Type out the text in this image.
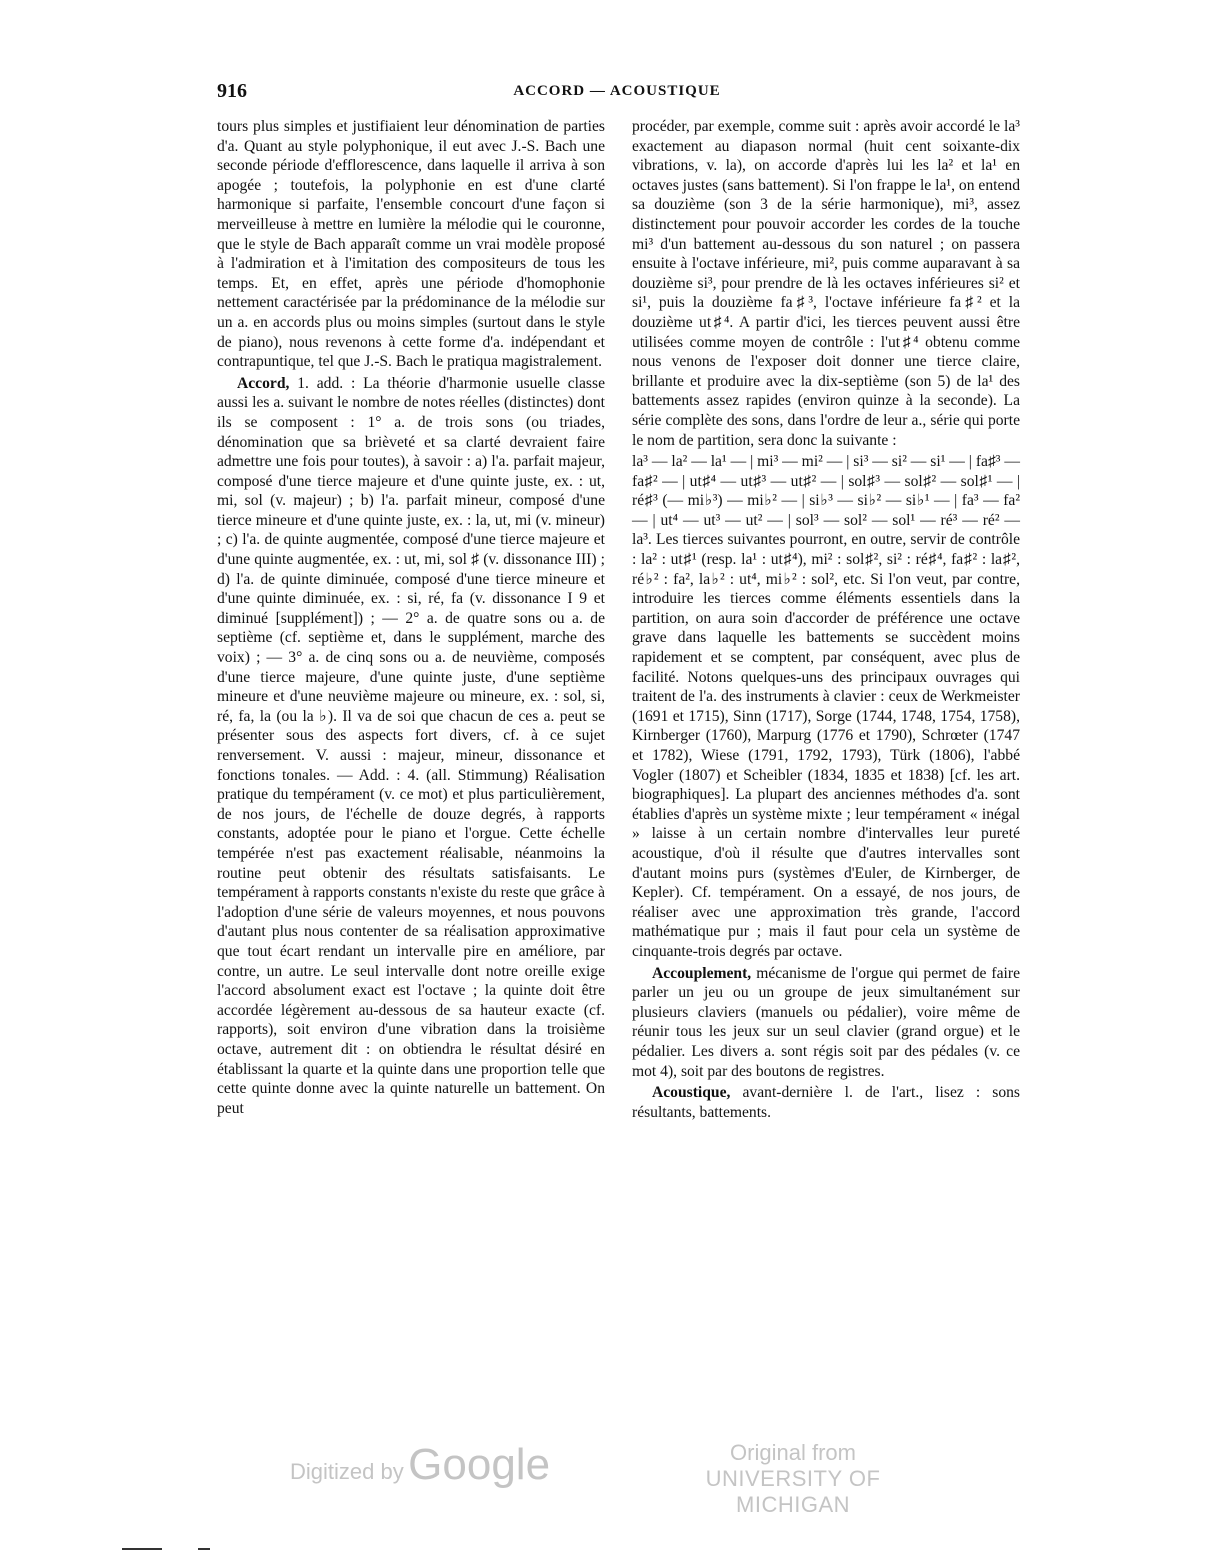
916	ACCORD — ACOUSTIQUE

tours plus simples et justifiaient leur dénomination de parties d'a. Quant au style polyphonique, il eut avec J.-S. Bach une seconde période d'efflorescence, dans laquelle il arriva à son apogée ; toutefois, la polyphonie en est d'une clarté harmonique si parfaite, l'ensemble concourt d'une façon si merveilleuse à mettre en lumière la mélodie qui le couronne, que le style de Bach apparaît comme un vrai modèle proposé à l'admiration et à l'imitation des compositeurs de tous les temps. Et, en effet, après une période d'homophonie nettement caractérisée par la prédominance de la mélodie sur un a. en accords plus ou moins simples (surtout dans le style de piano), nous revenons à cette forme d'a. indépendant et contrapuntique, tel que J.-S. Bach le pratiqua magistralement.

Accord, 1. add. : La théorie d'harmonie usuelle classe aussi les a. suivant le nombre de notes réelles (distinctes) dont ils se composent : 1° a. de trois sons (ou triades, dénomination que sa brièveté et sa clarté devraient faire admettre une fois pour toutes), à savoir : a) l'a. parfait majeur, composé d'une tierce majeure et d'une quinte juste, ex. : ut, mi, sol (v. majeur) ; b) l'a. parfait mineur, composé d'une tierce mineure et d'une quinte juste, ex. : la, ut, mi (v. mineur) ; c) l'a. de quinte augmentée, composé d'une tierce majeure et d'une quinte augmentée, ex. : ut, mi, sol ♯ (v. dissonance III) ; d) l'a. de quinte diminuée, composé d'une tierce mineure et d'une quinte diminuée, ex. : si, ré, fa (v. dissonance I 9 et diminué [supplément]) ; — 2° a. de quatre sons ou a. de septième (cf. septième et, dans le supplément, marche des voix) ; — 3° a. de cinq sons ou a. de neuvième, composés d'une tierce majeure, d'une quinte juste, d'une septième mineure et d'une neuvième majeure ou mineure, ex. : sol, si, ré, fa, la (ou la ♭). Il va de soi que chacun de ces a. peut se présenter sous des aspects fort divers, cf. à ce sujet renversement. V. aussi : majeur, mineur, dissonance et fonctions tonales. — Add. : 4. (all. Stimmung) Réalisation pratique du tempérament (v. ce mot) et plus particulièrement, de nos jours, de l'échelle de douze degrés, à rapports constants, adoptée pour le piano et l'orgue. Cette échelle tempérée n'est pas exactement réalisable, néanmoins la routine peut obtenir des résultats satisfaisants. Le tempérament à rapports constants n'existe du reste que grâce à l'adoption d'une série de valeurs moyennes, et nous pouvons d'autant plus nous contenter de sa réalisation approximative que tout écart rendant un intervalle pire en améliore, par contre, un autre. Le seul intervalle dont notre oreille exige l'accord absolument exact est l'octave ; la quinte doit être accordée légèrement au-dessous de sa hauteur exacte (cf. rapports), soit environ d'une vibration dans la troisième octave, autrement dit : on obtiendra le résultat désiré en établissant la quarte et la quinte dans une proportion telle que cette quinte donne avec la quinte naturelle un battement. On peut

procéder, par exemple, comme suit : après avoir accordé le la³ exactement au diapason normal (huit cent soixante-dix vibrations, v. la), on accorde d'après lui les la² et la¹ en octaves justes (sans battement). Si l'on frappe le la¹, on entend sa douzième (son 3 de la série harmonique), mi³, assez distinctement pour pouvoir accorder les cordes de la touche mi³ d'un battement au-dessous du son naturel ; on passera ensuite à l'octave inférieure, mi², puis comme auparavant à sa douzième si³, pour prendre de là les octaves inférieures si² et si¹, puis la douzième fa♯³, l'octave inférieure fa♯² et la douzième ut♯⁴. A partir d'ici, les tierces peuvent aussi être utilisées comme moyen de contrôle : l'ut♯⁴ obtenu comme nous venons de l'exposer doit donner une tierce claire, brillante et produire avec la dix-septième (son 5) de la¹ des battements assez rapides (environ quinze à la seconde). La série complète des sons, dans l'ordre de leur a., série qui porte le nom de partition, sera donc la suivante :

la³ — la² — la¹ — | mi³ — mi² — | si³ — si² — si¹ — | fa♯³ — fa♯² — | ut♯⁴ — ut♯³ — ut♯² — | sol♯³ — sol♯² — sol♯¹ — | ré♯³ (— mi♭³) — mi♭² — | si♭³ — si♭² — si♭¹ — | fa³ — fa² — | ut⁴ — ut³ — ut² — | sol³ — sol² — sol¹ — ré³ — ré² — la³. Les tierces suivantes pourront, en outre, servir de contrôle : la² : ut♯¹ (resp. la¹ : ut♯⁴), mi² : sol♯², si² : ré♯⁴, fa♯² : la♯², ré♭² : fa², la♭² : ut⁴, mi♭² : sol², etc. Si l'on veut, par contre, introduire les tierces comme éléments essentiels dans la partition, on aura soin d'accorder de préférence une octave grave dans laquelle les battements se succèdent moins rapidement et se comptent, par conséquent, avec plus de facilité. Notons quelques-uns des principaux ouvrages qui traitent de l'a. des instruments à clavier : ceux de Werkmeister (1691 et 1715), Sinn (1717), Sorge (1744, 1748, 1754, 1758), Kirnberger (1760), Marpurg (1776 et 1790), Schrœter (1747 et 1782), Wiese (1791, 1792, 1793), Türk (1806), l'abbé Vogler (1807) et Scheibler (1834, 1835 et 1838) [cf. les art. biographiques]. La plupart des anciennes méthodes d'a. sont établies d'après un système mixte ; leur tempérament « inégal » laisse à un certain nombre d'intervalles leur pureté acoustique, d'où il résulte que d'autres intervalles sont d'autant moins purs (systèmes d'Euler, de Kirnberger, de Kepler). Cf. tempérament. On a essayé, de nos jours, de réaliser avec une approximation très grande, l'accord mathématique pur ; mais il faut pour cela un système de cinquante-trois degrés par octave.

Accouplement, mécanisme de l'orgue qui permet de faire parler un jeu ou un groupe de jeux simultanément sur plusieurs claviers (manuels ou pédalier), voire même de réunir tous les jeux sur un seul clavier (grand orgue) et le pédalier. Les divers a. sont régis soit par des pédales (v. ce mot 4), soit par des boutons de registres.

Acoustique, avant-dernière l. de l'art., lisez : sons résultants, battements.

Digitized by Google	Original from
UNIVERSITY OF MICHIGAN
